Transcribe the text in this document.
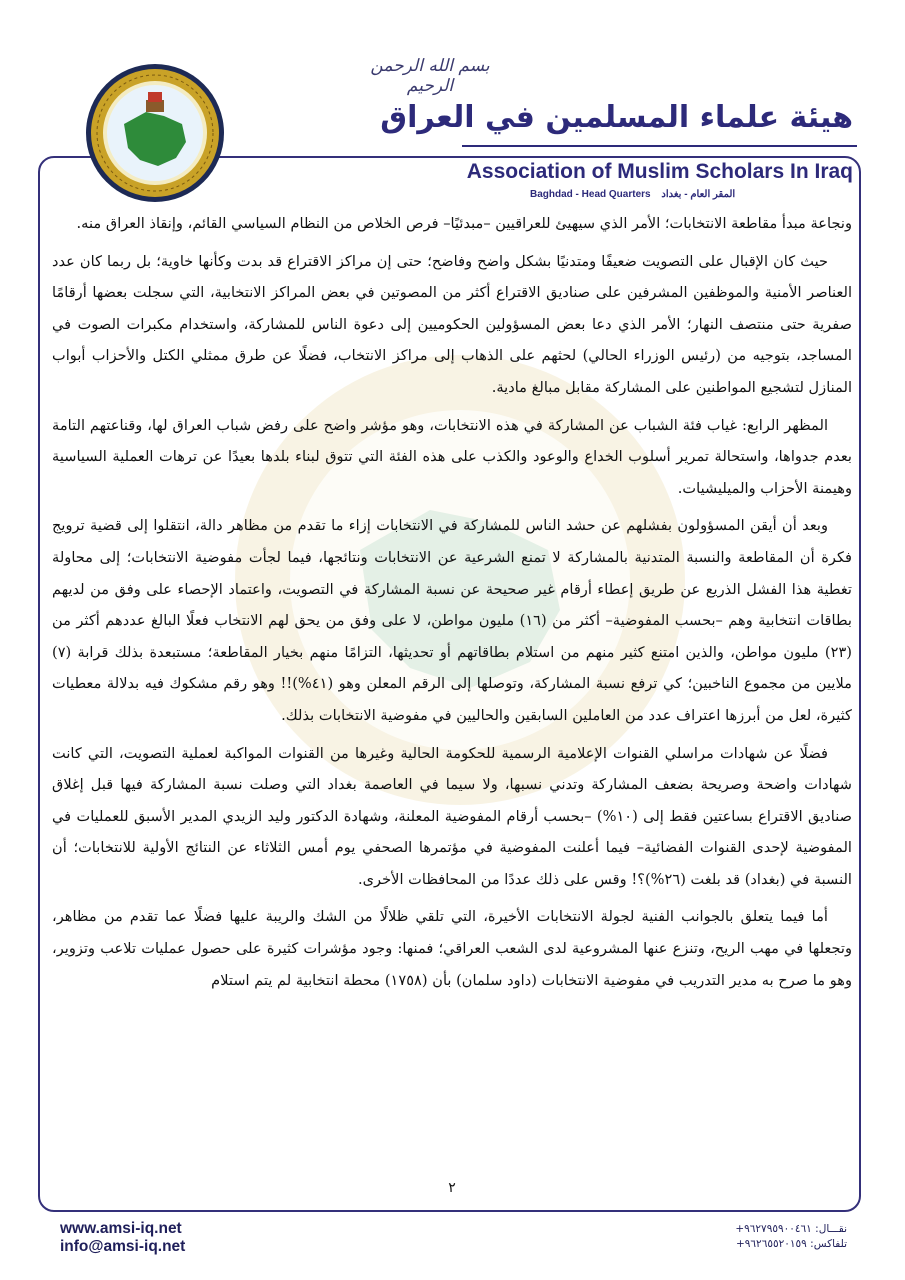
بسم الله الرحمن الرحيم
هيئة علماء المسلمين في العراق
Association of Muslim Scholars In Iraq
Baghdad - Head Quarters المقر العام - بغداد

ونجاعة مبدأ مقاطعة الانتخابات؛ الأمر الذي سيهيئ للعراقيين –مبدئيًا– فرص الخلاص من النظام السياسي القائم، وإنقاذ العراق منه.

حيث كان الإقبال على التصويت ضعيفًا ومتدنيًا بشكل واضح وفاضح؛ حتى إن مراكز الاقتراع قد بدت وكأنها خاوية؛ بل ربما كان عدد العناصر الأمنية والموظفين المشرفين على صناديق الاقتراع أكثر من المصوتين في بعض المراكز الانتخابية، التي سجلت بعضها أرقامًا صفرية حتى منتصف النهار؛ الأمر الذي دعا بعض المسؤولين الحكوميين إلى دعوة الناس للمشاركة، واستخدام مكبرات الصوت في المساجد، بتوجيه من (رئيس الوزراء الحالي) لحثهم على الذهاب إلى مراكز الانتخاب، فضلًا عن طرق ممثلي الكتل والأحزاب أبواب المنازل لتشجيع المواطنين على المشاركة مقابل مبالغ مادية.

المظهر الرابع: غياب فئة الشباب عن المشاركة في هذه الانتخابات، وهو مؤشر واضح على رفض شباب العراق لها، وقناعتهم التامة بعدم جدواها، واستحالة تمرير أسلوب الخداع والوعود والكذب على هذه الفئة التي تتوق لبناء بلدها بعيدًا عن ترهات العملية السياسية وهيمنة الأحزاب والميليشيات.

وبعد أن أيقن المسؤولون بفشلهم عن حشد الناس للمشاركة في الانتخابات إزاء ما تقدم من مظاهر دالة، انتقلوا إلى قضية ترويج فكرة أن المقاطعة والنسبة المتدنية بالمشاركة لا تمنع الشرعية عن الانتخابات ونتائجها، فيما لجأت مفوضية الانتخابات؛ إلى محاولة تغطية هذا الفشل الذريع عن طريق إعطاء أرقام غير صحيحة عن نسبة المشاركة في التصويت، واعتماد الإحصاء على وفق من لديهم بطاقات انتخابية وهم –بحسب المفوضية– أكثر من (١٦) مليون مواطن، لا على وفق من يحق لهم الانتخاب فعلًا البالغ عددهم أكثر من (٢٣) مليون مواطن، والذين امتنع كثير منهم من استلام بطاقاتهم أو تحديثها، التزامًا منهم بخيار المقاطعة؛ مستبعدة بذلك قرابة (٧) ملايين من مجموع الناخبين؛ كي ترفع نسبة المشاركة، وتوصلها إلى الرقم المعلن وهو (٤١%)!! وهو رقم مشكوك فيه بدلالة معطيات كثيرة، لعل من أبرزها اعتراف عدد من العاملين السابقين والحاليين في مفوضية الانتخابات بذلك.

فضلًا عن شهادات مراسلي القنوات الإعلامية الرسمية للحكومة الحالية وغيرها من القنوات المواكبة لعملية التصويت، التي كانت شهادات واضحة وصريحة بضعف المشاركة وتدني نسبها، ولا سيما في العاصمة بغداد التي وصلت نسبة المشاركة فيها قبل إغلاق صناديق الاقتراع بساعتين فقط إلى (١٠%) –بحسب أرقام المفوضية المعلنة، وشهادة الدكتور وليد الزيدي المدير الأسبق للعمليات في المفوضية لإحدى القنوات الفضائية– فيما أعلنت المفوضية في مؤتمرها الصحفي يوم أمس الثلاثاء عن النتائج الأولية للانتخابات؛ أن النسبة في (بغداد) قد بلغت (٢٦%)؟! وقس على ذلك عددًا من المحافظات الأخرى.

أما فيما يتعلق بالجوانب الفنية لجولة الانتخابات الأخيرة، التي تلقي ظلالًا من الشك والريبة عليها فضلًا عما تقدم من مظاهر، وتجعلها في مهب الريح، وتنزع عنها المشروعية لدى الشعب العراقي؛ فمنها: وجود مؤشرات كثيرة على حصول عمليات تلاعب وتزوير، وهو ما صرح به مدير التدريب في مفوضية الانتخابات (داود سلمان) بأن (١٧٥٨) محطة انتخابية لم يتم استلام

٢
www.amsi-iq.net
info@amsi-iq.net
نقـــال: ٩٦٢٧٩٥٩٠٠٤٦١+
تلفاكس: ٩٦٢٦٥٥٢٠١٥٩+
